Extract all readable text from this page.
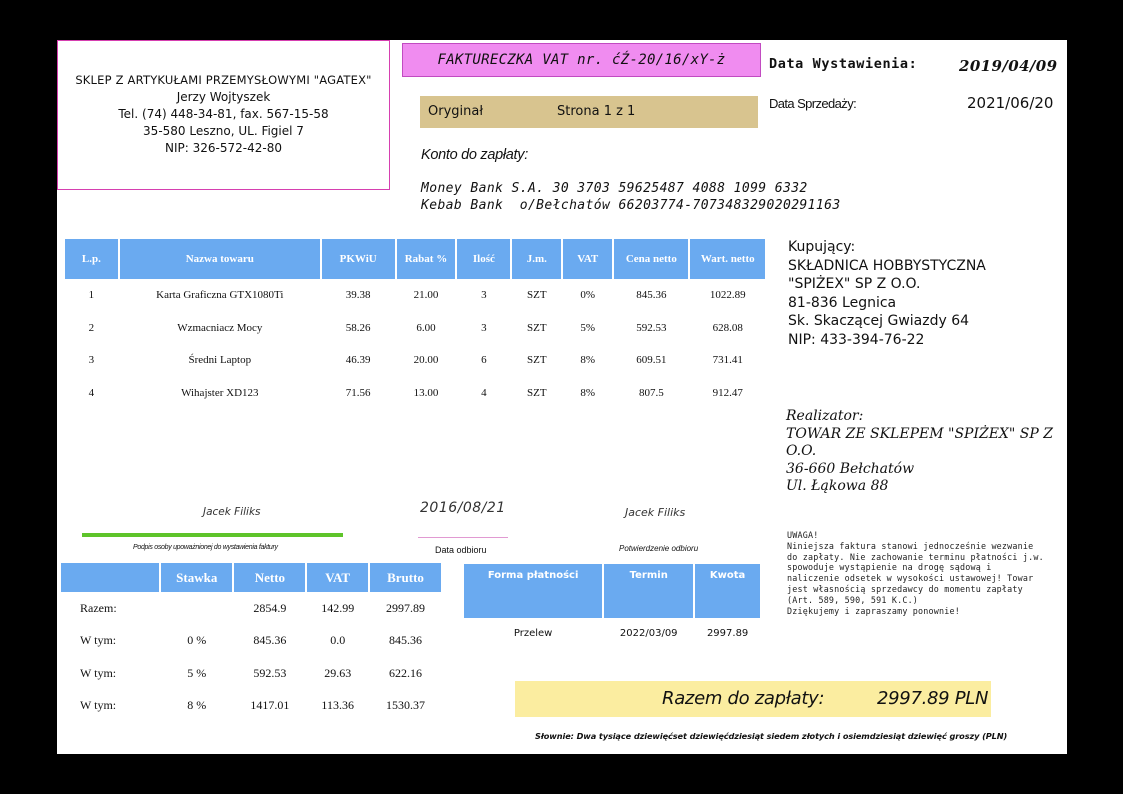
SKLEP Z ARTYKUŁAMI PRZEMYSŁOWYMI "AGATEX"
Jerzy Wojtyszek
Tel. (74) 448-34-81, fax. 567-15-58
35-580 Leszno, UL. Figiel 7
NIP: 326-572-42-80
FAKTURECZKA VAT nr. ćŹ-20/16/xY-ż	Data Wystawienia:	2019/04/09
Data Sprzedaży:	2021/06/20
Oryginał	Strona 1 z 1
Konto do zapłaty:
Money Bank S.A. 30 3703 59625487 4088 1099 6332
Kebab Bank  o/Bełchatów 66203774-707348329020291163
L.p.	Nazwa towaru	PKWiU	Rabat %	Ilość	J.m.	VAT	Cena netto	Wart. netto
1	Karta Graficzna GTX1080Ti	39.38	21.00	3	SZT	0%	845.36	1022.89
2	Wzmacniacz Mocy	58.26	6.00	3	SZT	5%	592.53	628.08
3	Średni Laptop	46.39	20.00	6	SZT	8%	609.51	731.41
4	Wihajster XD123	71.56	13.00	4	SZT	8%	807.5	912.47
Kupujący:
SKŁADNICA HOBBYSTYCZNA "SPIŻEX" SP Z O.O.
81-836 Legnica
Sk. Skaczącej Gwiazdy 64
NIP: 433-394-76-22
Realizator:
TOWAR ZE SKLEPEM "SPIŻEX" SP Z O.O.
36-660 Bełchatów
Ul. Łąkowa 88
Jacek Filiks
Podpis osoby upoważnionej do wystawienia faktury
2016/08/21
Data odbioru
Jacek Filiks
Potwierdzenie odbioru
	Stawka	Netto	VAT	Brutto
Razem:		2854.9	142.99	2997.89
W tym:	0 %	845.36	0.0	845.36
W tym:	5 %	592.53	29.63	622.16
W tym:	8 %	1417.01	113.36	1530.37
Forma płatności	Termin	Kwota
Przelew	2022/03/09	2997.89
UWAGA!
Niniejsza faktura stanowi jednocześnie wezwanie do zapłaty. Nie zachowanie terminu płatności j.w. spowoduje wystąpienie na drogę sądową i naliczenie odsetek w wysokości ustawowej! Towar jest własnością sprzedawcy do momentu zapłaty (Art. 589, 590, 591 K.C.)
Dziękujemy i zapraszamy ponownie!
Razem do zapłaty:	2997.89 PLN
Słownie: Dwa tysiące dziewięćset dziewięćdziesiąt siedem złotych i osiemdziesiąt dziewięć groszy (PLN)
